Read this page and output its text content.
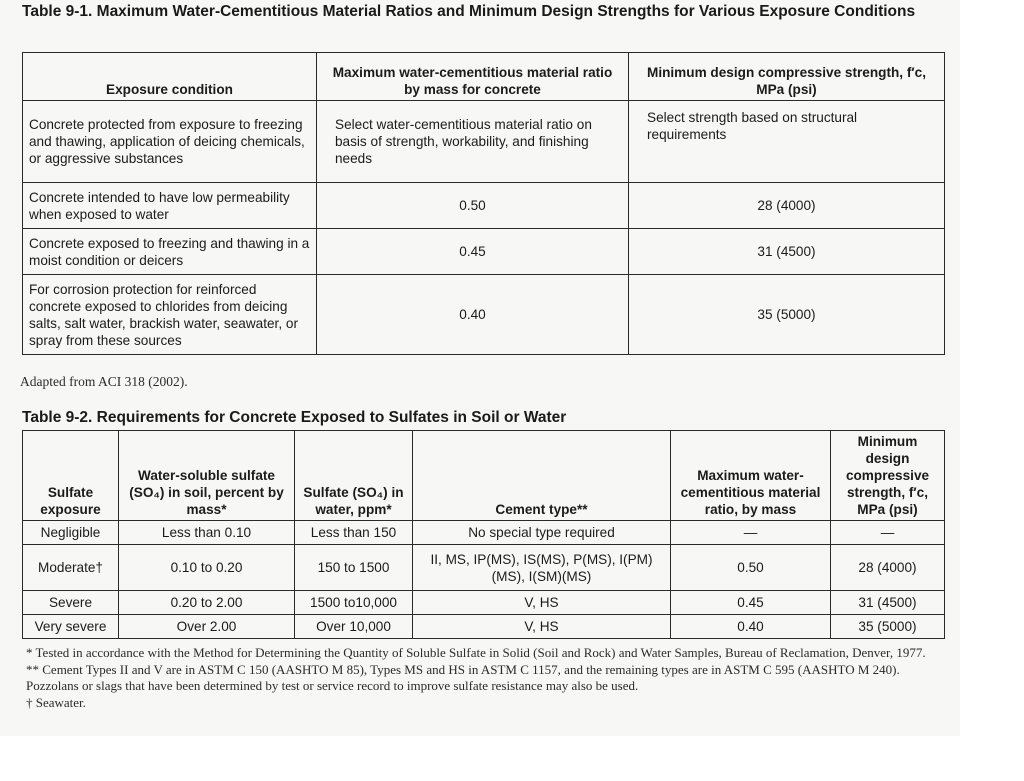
Table 9-1. Maximum Water-Cementitious Material Ratios and Minimum Design Strengths for Various Exposure Conditions
Exposure condition	Maximum water-cementitious material ratio by mass for concrete	Minimum design compressive strength, f′c, MPa (psi)
Concrete protected from exposure to freezing and thawing, application of deicing chemicals, or aggressive substances	Select water-cementitious material ratio on basis of strength, workability, and finishing needs	Select strength based on structural requirements
Concrete intended to have low permeability when exposed to water	0.50	28 (4000)
Concrete exposed to freezing and thawing in a moist condition or deicers	0.45	31 (4500)
For corrosion protection for reinforced concrete exposed to chlorides from deicing salts, salt water, brackish water, seawater, or spray from these sources	0.40	35 (5000)
Adapted from ACI 318 (2002).
Table 9-2. Requirements for Concrete Exposed to Sulfates in Soil or Water
Sulfate exposure	Water-soluble sulfate (SO₄) in soil, percent by mass*	Sulfate (SO₄) in water, ppm*	Cement type**	Maximum water-cementitious material ratio, by mass	Minimum design compressive strength, f′c, MPa (psi)
Negligible	Less than 0.10	Less than 150	No special type required	—	—
Moderate†	0.10 to 0.20	150 to 1500	II, MS, IP(MS), IS(MS), P(MS), I(PM)(MS), I(SM)(MS)	0.50	28 (4000)
Severe	0.20 to 2.00	1500 to10,000	V, HS	0.45	31 (4500)
Very severe	Over 2.00	Over 10,000	V, HS	0.40	35 (5000)

* Tested in accordance with the Method for Determining the Quantity of Soluble Sulfate in Solid (Soil and Rock) and Water Samples, Bureau of Reclamation, Denver, 1977.

** Cement Types II and V are in ASTM C 150 (AASHTO M 85), Types MS and HS in ASTM C 1157, and the remaining types are in ASTM C 595 (AASHTO M 240). Pozzolans or slags that have been determined by test or service record to improve sulfate resistance may also be used.

† Seawater.
